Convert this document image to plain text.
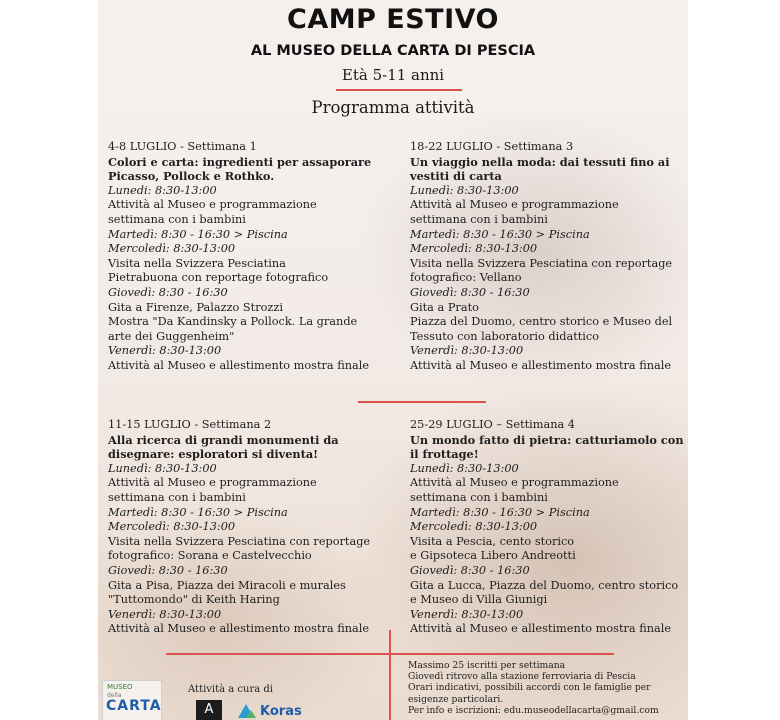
CAMP ESTIVO
AL MUSEO DELLA CARTA DI PESCIA
Età 5-11 anni
Programma attività
4-8 LUGLIO - Settimana 1
Colori e carta: ingredienti per assaporare
Picasso, Pollock e Rothko.
Lunedi: 8:30-13:00
Attività al Museo e programmazione
settimana con i bambini
Martedì: 8:30 - 16:30 > Piscina
Mercoledì: 8:30-13:00
Visita nella Svizzera Pesciatina
Pietrabuona con reportage fotografico
Giovedì: 8:30 - 16:30
Gita a Firenze, Palazzo Strozzi
Mostra "Da Kandinsky a Pollock. La grande
arte dei Guggenheim"
Venerdì: 8:30-13:00
Attività al Museo e allestimento mostra finale
18-22 LUGLIO - Settimana 3
Un viaggio nella moda: dai tessuti fino ai
vestiti di carta
Lunedì: 8:30-13:00
Attività al Museo e programmazione
settimana con i bambini
Martedì: 8:30 - 16:30 > Piscina
Mercoledì: 8:30-13:00
Visita nella Svizzera Pesciatina con reportage
fotografico: Vellano
Giovedì: 8:30 - 16:30
Gita a Prato
Piazza del Duomo, centro storico e Museo del
Tessuto con laboratorio didattico
Venerdì: 8:30-13:00
Attività al Museo e allestimento mostra finale
11-15 LUGLIO - Settimana 2
Alla ricerca di grandi monumenti da
disegnare: esploratori si diventa!
Lunedì: 8:30-13:00
Attività al Museo e programmazione
settimana con i bambini
Martedì: 8:30 - 16:30 > Piscina
Mercoledì: 8:30-13:00
Visita nella Svizzera Pesciatina con reportage
fotografico: Sorana e Castelvecchio
Giovedì: 8:30 - 16:30
Gita a Pisa, Piazza dei Miracoli e murales
"Tuttomondo" di Keith Haring
Venerdì: 8:30-13:00
Attività al Museo e allestimento mostra finale
25-29 LUGLIO – Settimana 4
Un mondo fatto di pietra: catturiamolo con
il frottage!
Lunedì: 8:30-13:00
Attività al Museo e programmazione
settimana con i bambini
Martedì: 8:30 - 16:30 > Piscina
Mercoledì: 8:30-13:00
Visita a Pescia, cento storico
e Gipsoteca Libero Andreotti
Giovedì: 8:30 - 16:30
Gita a Lucca, Piazza del Duomo, centro storico
e Museo di Villa Giunigi
Venerdì: 8:30-13:00
Attività al Museo e allestimento mostra finale
Massimo 25 iscritti per settimana
Giovedì ritrovo alla stazione ferroviaria di Pescia
Orari indicativi, possibili accordi con le famiglie per
esigenze particolari.
Per info e iscrizioni: edu.museodellacarta@gmail.com
MUSEO
della
CARTA
Attività a cura di
A	Koras
